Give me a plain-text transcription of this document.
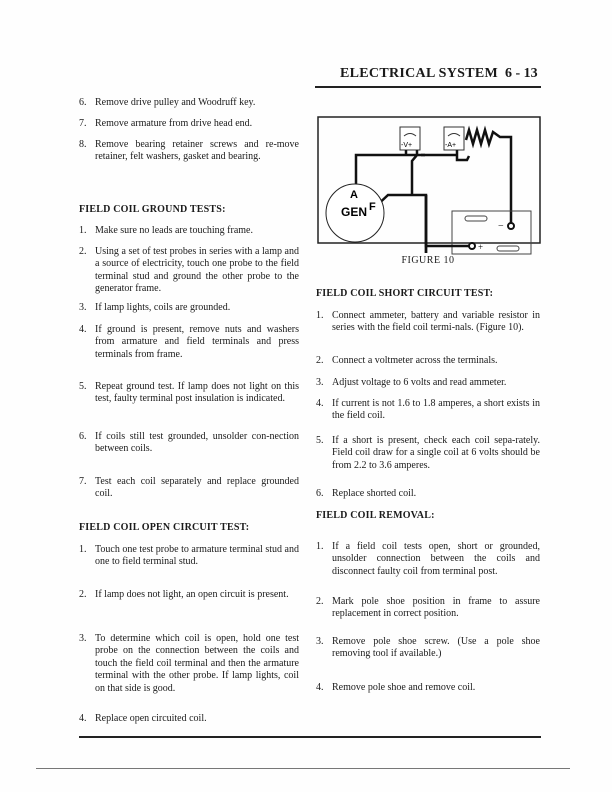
ELECTRICAL SYSTEM 6 - 13
6. Remove drive pulley and Woodruff key.
7. Remove armature from drive head end.
8. Remove bearing retainer screws and re-move retainer, felt washers, gasket and bearing.
FIELD COIL GROUND TESTS:
1. Make sure no leads are touching frame.
2. Using a set of test probes in series with a lamp and a source of electricity, touch one probe to the field terminal stud and ground the other probe to the generator frame.
3. If lamp lights, coils are grounded.
4. If ground is present, remove nuts and washers from armature and field terminals and press terminals from frame.
5. Repeat ground test. If lamp does not light on this test, faulty terminal post insulation is indicated.
6. If coils still test grounded, unsolder con-nection between coils.
7. Test each coil separately and replace grounded coil.
FIELD COIL OPEN CIRCUIT TEST:
1. Touch one test probe to armature terminal stud and one to field terminal stud.
2. If lamp does not light, an open circuit is present.
3. To determine which coil is open, hold one test probe on the connection between the coils and touch the field coil terminal and then the armature terminal with the other probe. If lamp lights, coil on that side is good.
4. Replace open circuited coil.
FIELD COIL SHORT CIRCUIT TEST:
1. Connect ammeter, battery and variable resistor in series with the field coil termi-nals. (Figure 10).
2. Connect a voltmeter across the terminals.
3. Adjust voltage to 6 volts and read ammeter.
4. If current is not 1.6 to 1.8 amperes, a short exists in the field coil.
5. If a short is present, check each coil sepa-rately. Field coil draw for a single coil at 6 volts should be from 2.2 to 3.6 amperes.
6. Replace shorted coil.
FIELD COIL REMOVAL:
1. If a field coil tests open, short or grounded, unsolder connection between the coils and disconnect faulty coil from terminal post.
2. Mark pole shoe position in frame to assure replacement in correct position.
3. Remove pole shoe screw. (Use a pole shoe removing tool if available.)
4. Remove pole shoe and remove coil.
-V+	-A+
A
GEN F
−
+
FIGURE 10
